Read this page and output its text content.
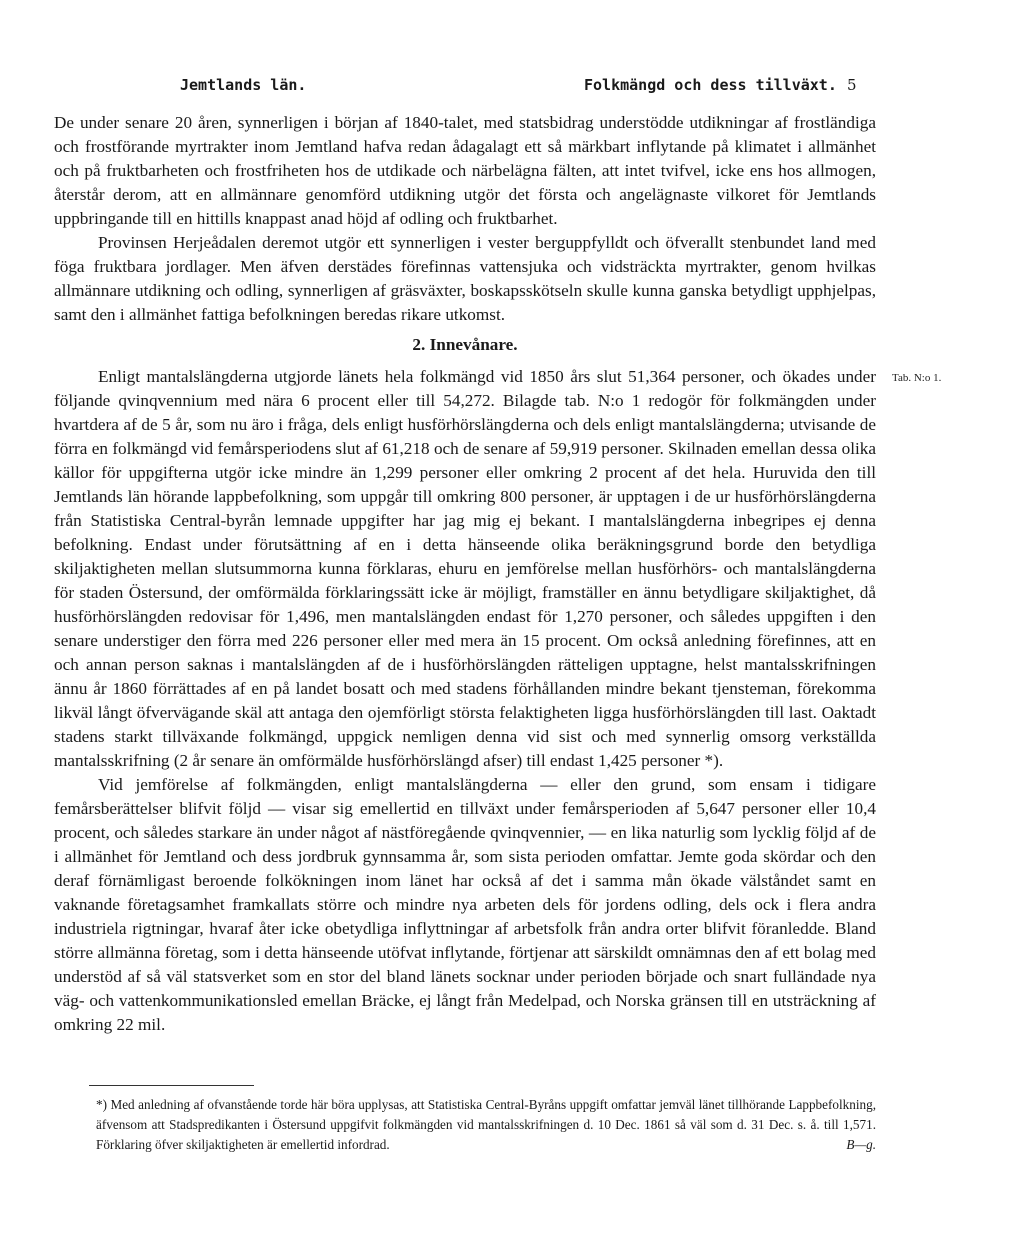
Jemtlands län.	Folkmängd och dess tillväxt. 5

De under senare 20 åren, synnerligen i början af 1840-talet, med statsbidrag understödde utdikningar af frostländiga och frostförande myrtrakter inom Jemtland hafva redan ådagalagt ett så märkbart inflytande på klimatet i allmänhet och på fruktbarheten och frostfriheten hos de utdikade och närbelägna fälten, att intet tvifvel, icke ens hos allmogen, återstår derom, att en allmännare genomförd utdikning utgör det första och angelägnaste vilkoret för Jemtlands uppbringande till en hittills knappast anad höjd af odling och fruktbarhet.

Provinsen Herjeådalen deremot utgör ett synnerligen i vester berguppfylldt och öfverallt stenbundet land med föga fruktbara jordlager. Men äfven derstädes förefinnas vattensjuka och vidsträckta myrtrakter, genom hvilkas allmännare utdikning och odling, synnerligen af gräsväxter, boskapsskötseln skulle kunna ganska betydligt upphjelpas, samt den i allmänhet fattiga befolkningen beredas rikare utkomst.

2. Innevånare.

Enligt mantalslängderna utgjorde länets hela folkmängd vid 1850 års slut 51,364 personer, och ökades under följande qvinqvennium med nära 6 procent eller till 54,272. Bilagde tab. N:o 1 redogör för folkmängden under hvartdera af de 5 år, som nu äro i fråga, dels enligt husförhörslängderna och dels enligt mantalslängderna; utvisande de förra en folkmängd vid femårsperiodens slut af 61,218 och de senare af 59,919 personer. Skilnaden emellan dessa olika källor för uppgifterna utgör icke mindre än 1,299 personer eller omkring 2 procent af det hela. Huruvida den till Jemtlands län hörande lappbefolkning, som uppgår till omkring 800 personer, är upptagen i de ur husförhörslängderna från Statistiska Central-byrån lemnade uppgifter har jag mig ej bekant. I mantalslängderna inbegripes ej denna befolkning. Endast under förutsättning af en i detta hänseende olika beräkningsgrund borde den betydliga skiljaktigheten mellan slutsummorna kunna förklaras, ehuru en jemförelse mellan husförhörs- och mantalslängderna för staden Östersund, der omförmälda förklaringssätt icke är möjligt, framställer en ännu betydligare skiljaktighet, då husförhörslängden redovisar för 1,496, men mantalslängden endast för 1,270 personer, och således uppgiften i den senare understiger den förra med 226 personer eller med mera än 15 procent. Om också anledning förefinnes, att en och annan person saknas i mantalslängden af de i husförhörslängden rätteligen upptagne, helst mantalsskrifningen ännu år 1860 förrättades af en på landet bosatt och med stadens förhållanden mindre bekant tjensteman, förekomma likväl långt öfvervägande skäl att antaga den ojemförligt största felaktigheten ligga husförhörslängden till last. Oaktadt stadens starkt tillväxande folkmängd, uppgick nemligen denna vid sist och med synnerlig omsorg verkställda mantalsskrifning (2 år senare än omförmälde husförhörslängd afser) till endast 1,425 personer *).

Vid jemförelse af folkmängden, enligt mantalslängderna — eller den grund, som ensam i tidigare femårsberättelser blifvit följd — visar sig emellertid en tillväxt under femårsperioden af 5,647 personer eller 10,4 procent, och således starkare än under något af nästföregående qvinqvennier, — en lika naturlig som lycklig följd af de i allmänhet för Jemtland och dess jordbruk gynnsamma år, som sista perioden omfattar. Jemte goda skördar och den deraf förnämligast beroende folkökningen inom länet har också af det i samma mån ökade välståndet samt en vaknande företagsamhet framkallats större och mindre nya arbeten dels för jordens odling, dels ock i flera andra industriela rigtningar, hvaraf åter icke obetydliga inflyttningar af arbetsfolk från andra orter blifvit föranledde. Bland större allmänna företag, som i detta hänseende utöfvat inflytande, förtjenar att särskildt omnämnas den af ett bolag med understöd af så väl statsverket som en stor del bland länets socknar under perioden började och snart fulländade nya väg- och vattenkommunikationsled emellan Bräcke, ej långt från Medelpad, och Norska gränsen till en utsträckning af omkring 22 mil.

Tab. N:o 1.
*) Med anledning af ofvanstående torde här böra upplysas, att Statistiska Central-Byråns uppgift omfattar jemväl länet tillhörande Lappbefolkning, äfvensom att Stadspredikanten i Östersund uppgifvit folkmängden vid mantalsskrifningen d. 10 Dec. 1861 så väl som d. 31 Dec. s. å. till 1,571. Förklaring öfver skiljaktigheten är emellertid infordrad.	B—g.
